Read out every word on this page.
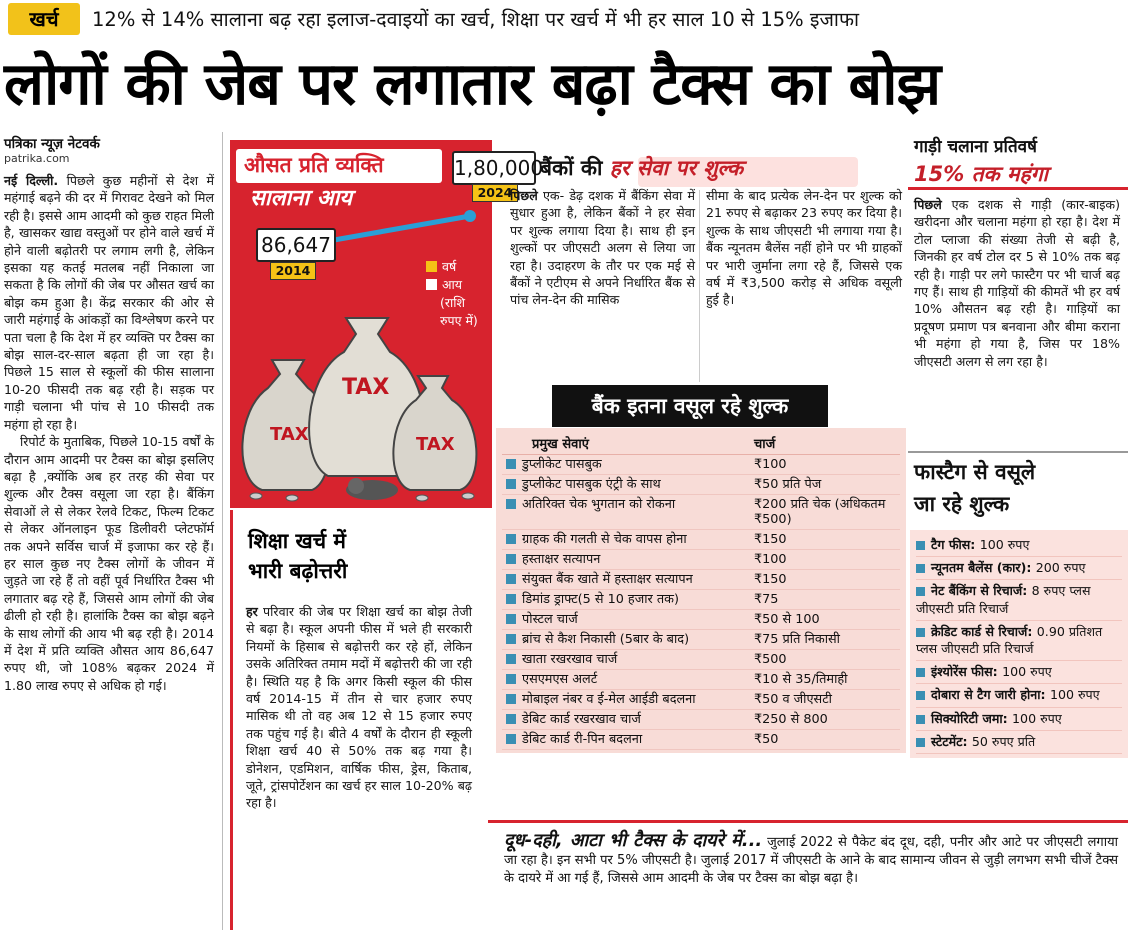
खर्च	12% से 14% सालाना बढ़ रहा इलाज-दवाइयों का खर्च, शिक्षा पर खर्च में भी हर साल 10 से 15% इजाफा
लोगों की जेब पर लगातार बढ़ा टैक्स का बोझ
पत्रिका न्यूज़ नेटवर्क
patrika.com

नई दिल्ली. पिछले कुछ महीनों से देश में महंगाई बढ़ने की दर में गिरावट देखने को मिल रही है। इससे आम आदमी को कुछ राहत मिली है, खासकर खाद्य वस्तुओं पर होने वाले खर्च में होने वाली बढ़ोतरी पर लगाम लगी है, लेकिन इसका यह कतई मतलब नहीं निकाला जा सकता है कि लोगों की जेब पर औसत खर्च का बोझ कम हुआ है। केंद्र सरकार की ओर से जारी महंगाई के आंकड़ों का विश्लेषण करने पर पता चला है कि देश में हर व्यक्ति पर टैक्स का बोझ साल-दर-साल बढ़ता ही जा रहा है। पिछले 15 साल से स्कूलों की फीस सालाना 10-20 फीसदी तक बढ़ रही है। सड़क पर गाड़ी चलाना भी पांच से 10 फीसदी तक महंगा हो रहा है।

रिपोर्ट के मुताबिक, पिछले 10-15 वर्षों के दौरान आम आदमी पर टैक्स का बोझ इसलिए बढ़ा है ,क्योंकि अब हर तरह की सेवा पर शुल्क और टैक्स वसूला जा रहा है। बैंकिंग सेवाओं ले से लेकर रेलवे टिकट, फिल्म टिकट से लेकर ऑनलाइन फूड डिलीवरी प्लेटफॉर्म तक अपने सर्विस चार्ज में इजाफा कर रहे हैं। हर साल कुछ नए टैक्स लोगों के जीवन में जुड़ते जा रहे हैं तो वहीं पूर्व निर्धारित टैक्स भी लगातार बढ़ रहे हैं, जिससे आम लोगों की जेब ढीली हो रही है। हालांकि टैक्स का बोझ बढ़ने के साथ लोगों की आय भी बढ़ रही है। 2014 में देश में प्रति व्यक्ति औसत आय 86,647 रुपए थी, जो 108% बढ़कर 2024 में 1.80 लाख रुपए से अधिक हो गई।

औसत प्रति व्यक्ति
सालाना आय
1,80,000
2024
86,647
2014	वर्ष
आय
(राशि
रुपए में)
TAX
TAX
TAX
शिक्षा खर्च में
भारी बढ़ोत्तरी

हर परिवार की जेब पर शिक्षा खर्च का बोझ तेजी से बढ़ा है। स्कूल अपनी फीस में भले ही सरकारी नियमों के हिसाब से बढ़ोत्तरी कर रहे हों, लेकिन उसके अतिरिक्त तमाम मदों में बढ़ोत्तरी की जा रही है। स्थिति यह है कि अगर किसी स्कूल की फीस वर्ष 2014-15 में तीन से चार हजार रुपए मासिक थी तो वह अब 12 से 15 हजार रुपए तक पहुंच गई है। बीते 4 वर्षों के दौरान ही स्कूली शिक्षा खर्च 40 से 50% तक बढ़ गया है। डोनेशन, एडमिशन, वार्षिक फीस, ड्रेस, किताब, जूते, ट्रांसपोर्टेशन का खर्च हर साल 10-20% बढ़ रहा है।

बैंकों की हर सेवा पर शुल्क

पिछले एक- डेढ़ दशक में बैंकिंग सेवा में सुधार हुआ है, लेकिन बैंकों ने हर सेवा पर शुल्क लगाया दिया है। साथ ही इन शुल्कों पर जीएसटी अलग से लिया जा रहा है। उदाहरण के तौर पर एक मई से बैंकों ने एटीएम से अपने निर्धारित बैंक से पांच लेन-देन की मासिक

सीमा के बाद प्रत्येक लेन-देन पर शुल्क को 21 रुपए से बढ़ाकर 23 रुपए कर दिया है। शुल्क के साथ जीएसटी भी लगाया गया है। बैंक न्यूनतम बैलेंस नहीं होने पर भी ग्राहकों पर भारी जुर्माना लगा रहे हैं, जिससे एक वर्ष में ₹3,500 करोड़ से अधिक वसूली हुई है।

बैंक इतना वसूल रहे शुल्क
प्रमुख सेवाएं	चार्ज
डुप्लीकेट पासबुक	₹100
डुप्लीकेट पासबुक एंट्री के साथ	₹50 प्रति पेज
अतिरिक्त चेक भुगतान को रोकना	₹200 प्रति चेक (अधिकतम ₹500)
ग्राहक की गलती से चेक वापस होना	₹150
हस्ताक्षर सत्यापन	₹100
संयुक्त बैंक खाते में हस्ताक्षर सत्यापन	₹150
डिमांड ड्राफ्ट(5 से 10 हजार तक)	₹75
पोस्टल चार्ज	₹50 से 100
ब्रांच से कैश निकासी (5बार के बाद)	₹75 प्रति निकासी
खाता रखरखाव चार्ज	₹500
एसएमएस अलर्ट	₹10 से 35/तिमाही
मोबाइल नंबर व ई-मेल आईडी बदलना	₹50 व जीएसटी
डेबिट कार्ड रखरखाव चार्ज	₹250 से 800
डेबिट कार्ड री-पिन बदलना	₹50
दूध-दही, आटा भी टैक्स के दायरे में... जुलाई 2022 से पैकेट बंद दूध, दही, पनीर और आटे पर जीएसटी लगाया जा रहा है। इन सभी पर 5% जीएसटी है। जुलाई 2017 में जीएसटी के आने के बाद सामान्य जीवन से जुड़ी लगभग सभी चीजें टैक्स के दायरे में आ गई हैं, जिससे आम आदमी के जेब पर टैक्स का बोझ बढ़ा है।
गाड़ी चलाना प्रतिवर्ष
15% तक महंगा

पिछले एक दशक से गाड़ी (कार-बाइक) खरीदना और चलाना महंगा हो रहा है। देश में टोल प्लाजा की संख्या तेजी से बढ़ी है, जिनकी हर वर्ष टोल दर 5 से 10% तक बढ़ रही है। गाड़ी पर लगे फास्टैग पर भी चार्ज बढ़ गए हैं। साथ ही गाड़ियों की कीमतें भी हर वर्ष 10% औसतन बढ़ रही है। गाड़ियों का प्रदूषण प्रमाण पत्र बनवाना और बीमा कराना भी महंगा हो गया है, जिस पर 18% जीएसटी अलग से लग रहा है।

फास्टैग से वसूले
जा रहे शुल्क
टैग फीस: 100 रुपए
न्यूनतम बैलेंस (कार): 200 रुपए
नेट बैंकिंग से रिचार्ज: 8 रुपए प्लस जीएसटी प्रति रिचार्ज
क्रेडिट कार्ड से रिचार्ज: 0.90 प्रतिशत प्लस जीएसटी प्रति रिचार्ज
इंश्योरेंस फीस: 100 रुपए
दोबारा से टैग जारी होना: 100 रुपए
सिक्योरिटी जमा: 100 रुपए
स्टेटमेंट: 50 रुपए प्रति
